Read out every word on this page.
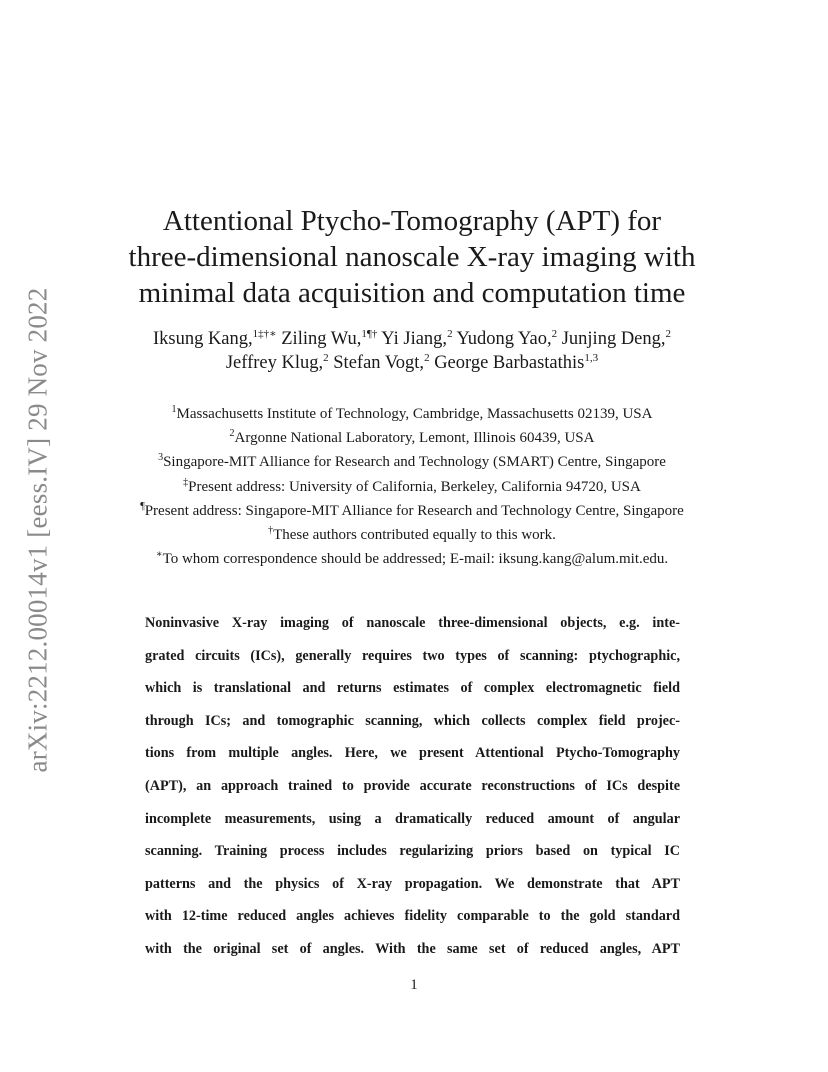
arXiv:2212.00014v1 [eess.IV] 29 Nov 2022
Attentional Ptycho-Tomography (APT) for
three-dimensional nanoscale X-ray imaging with
minimal data acquisition and computation time
Iksung Kang,$^{1\ddagger\dagger∗}$ Ziling Wu,$^{1\P\dagger}$ Yi Jiang,$^2$ Yudong Yao,$^2$ Junjing Deng,$^2$
Jeffrey Klug,$^2$ Stefan Vogt,$^2$ George Barbastathis$^{1,3}$
$^1$Massachusetts Institute of Technology, Cambridge, Massachusetts 02139, USA
$^2$Argonne National Laboratory, Lemont, Illinois 60439, USA
$^3$Singapore-MIT Alliance for Research and Technology (SMART) Centre, Singapore
‡Present address: University of California, Berkeley, California 94720, USA
¶Present address: Singapore-MIT Alliance for Research and Technology Centre, Singapore
†These authors contributed equally to this work.
∗To whom correspondence should be addressed; E-mail: iksung.kang@alum.mit.edu.
Noninvasive X-ray imaging of nanoscale three-dimensional objects, e.g. inte-
grated circuits (ICs), generally requires two types of scanning: ptychographic,
which is translational and returns estimates of complex electromagnetic field
through ICs; and tomographic scanning, which collects complex field projec-
tions from multiple angles. Here, we present Attentional Ptycho-Tomography
(APT), an approach trained to provide accurate reconstructions of ICs despite
incomplete measurements, using a dramatically reduced amount of angular
scanning. Training process includes regularizing priors based on typical IC
patterns and the physics of X-ray propagation. We demonstrate that APT
with 12-time reduced angles achieves fidelity comparable to the gold standard
with the original set of angles. With the same set of reduced angles, APT
1
